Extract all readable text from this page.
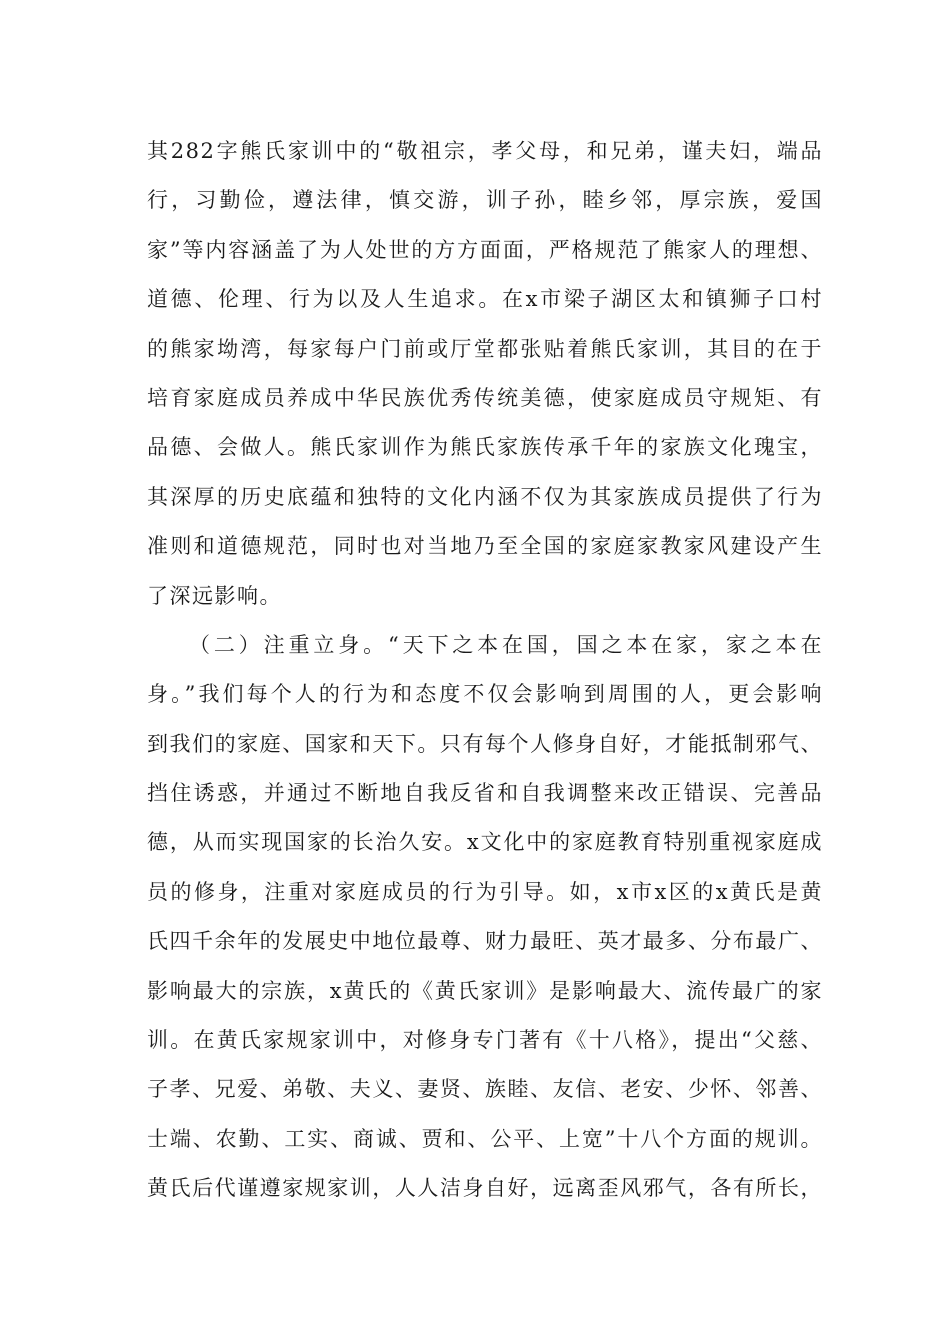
其282字熊氏家训中的“敬祖宗，孝父母，和兄弟，谨夫妇，端品
行，习勤俭，遵法律，慎交游，训子孙，睦乡邻，厚宗族，爱国
家”等内容涵盖了为人处世的方方面面，严格规范了熊家人的理想、
道德、伦理、行为以及人生追求。在x市梁子湖区太和镇狮子口村
的熊家坳湾，每家每户门前或厅堂都张贴着熊氏家训，其目的在于
培育家庭成员养成中华民族优秀传统美德，使家庭成员守规矩、有
品德、会做人。熊氏家训作为熊氏家族传承千年的家族文化瑰宝，
其深厚的历史底蕴和独特的文化内涵不仅为其家族成员提供了行为
准则和道德规范，同时也对当地乃至全国的家庭家教家风建设产生
了深远影响。
（二）注重立身。“天下之本在国，国之本在家，家之本在
身。”我们每个人的行为和态度不仅会影响到周围的人，更会影响
到我们的家庭、国家和天下。只有每个人修身自好，才能抵制邪气、
挡住诱惑，并通过不断地自我反省和自我调整来改正错误、完善品
德，从而实现国家的长治久安。x文化中的家庭教育特别重视家庭成
员的修身，注重对家庭成员的行为引导。如，x市x区的x黄氏是黄
氏四千余年的发展史中地位最尊、财力最旺、英才最多、分布最广、
影响最大的宗族，x黄氏的《黄氏家训》是影响最大、流传最广的家
训。在黄氏家规家训中，对修身专门著有《十八格》，提出“父慈、
子孝、兄爱、弟敬、夫义、妻贤、族睦、友信、老安、少怀、邻善、
士端、农勤、工实、商诚、贾和、公平、上宽”十八个方面的规训。
黄氏后代谨遵家规家训，人人洁身自好，远离歪风邪气，各有所长，
